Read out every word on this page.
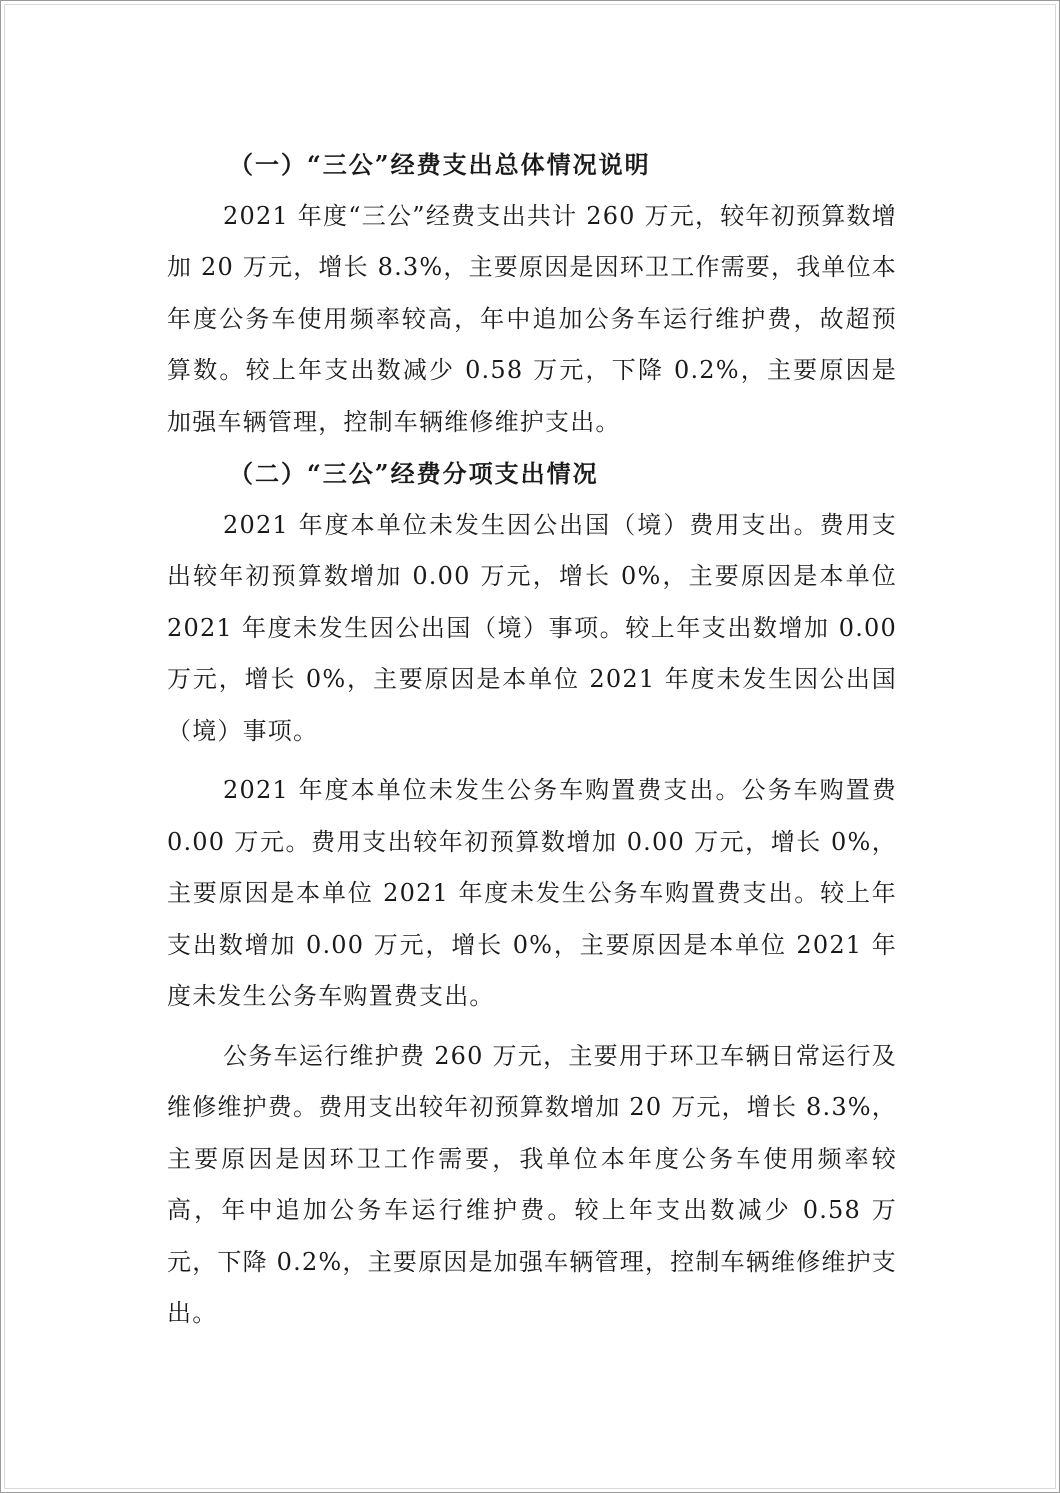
（一）“三公”经费支出总体情况说明

2021 年度“三公”经费支出共计 260 万元，较年初预算数增加 20 万元，增长 8.3%，主要原因是因环卫工作需要，我单位本年度公务车使用频率较高，年中追加公务车运行维护费，故超预算数。较上年支出数减少 0.58 万元，下降 0.2%，主要原因是加强车辆管理，控制车辆维修维护支出。

（二）“三公”经费分项支出情况

2021 年度本单位未发生因公出国（境）费用支出。费用支出较年初预算数增加 0.00 万元，增长 0%，主要原因是本单位 2021 年度未发生因公出国（境）事项。较上年支出数增加 0.00 万元，增长 0%，主要原因是本单位 2021 年度未发生因公出国（境）事项。

2021 年度本单位未发生公务车购置费支出。公务车购置费 0.00 万元。费用支出较年初预算数增加 0.00 万元，增长 0%，主要原因是本单位 2021 年度未发生公务车购置费支出。较上年支出数增加 0.00 万元，增长 0%，主要原因是本单位 2021 年度未发生公务车购置费支出。

公务车运行维护费 260 万元，主要用于环卫车辆日常运行及维修维护费。费用支出较年初预算数增加 20 万元，增长 8.3%，主要原因是因环卫工作需要，我单位本年度公务车使用频率较高，年中追加公务车运行维护费。较上年支出数减少 0.58 万元，下降 0.2%，主要原因是加强车辆管理，控制车辆维修维护支出。
